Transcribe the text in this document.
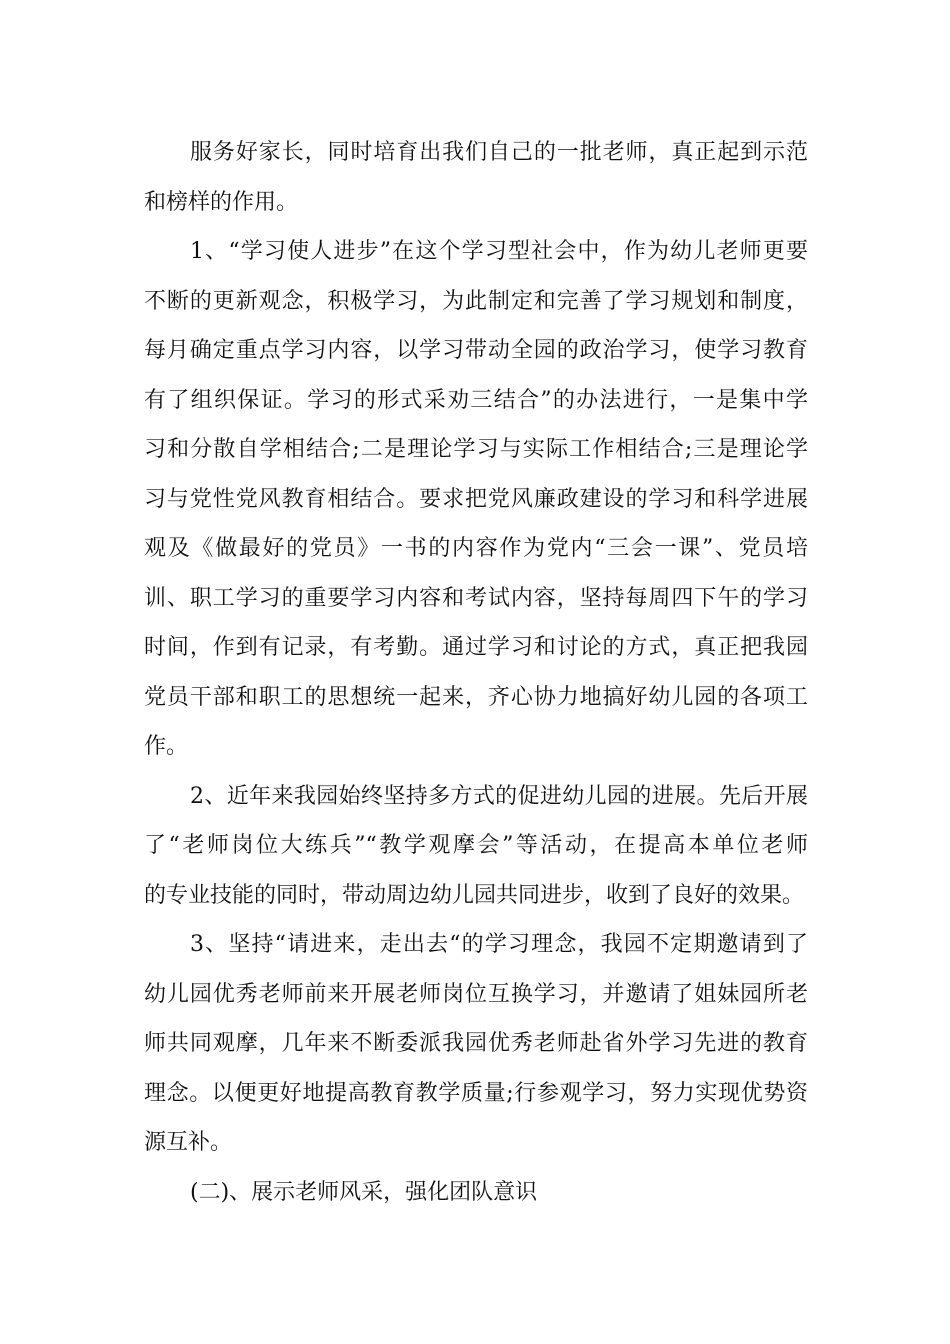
服务好家长，同时培育出我们自己的一批老师，真正起到示范
和榜样的作用。
1、“学习使人进步”在这个学习型社会中，作为幼儿老师更要
不断的更新观念，积极学习，为此制定和完善了学习规划和制度，
每月确定重点学习内容，以学习带动全园的政治学习，使学习教育
有了组织保证。学习的形式采劝三结合”的办法进行，一是集中学
习和分散自学相结合;二是理论学习与实际工作相结合;三是理论学
习与党性党风教育相结合。要求把党风廉政建设的学习和科学进展
观及《做最好的党员》一书的内容作为党内“三会一课”、党员培
训、职工学习的重要学习内容和考试内容，坚持每周四下午的学习
时间，作到有记录，有考勤。通过学习和讨论的方式，真正把我园
党员干部和职工的思想统一起来，齐心协力地搞好幼儿园的各项工
作。
2、近年来我园始终坚持多方式的促进幼儿园的进展。先后开展
了“老师岗位大练兵”“教学观摩会”等活动，在提高本单位老师
的专业技能的同时，带动周边幼儿园共同进步，收到了良好的效果。
3、坚持“请进来，走出去“的学习理念，我园不定期邀请到了
幼儿园优秀老师前来开展老师岗位互换学习，并邀请了姐妹园所老
师共同观摩，几年来不断委派我园优秀老师赴省外学习先进的教育
理念。以便更好地提高教育教学质量;行参观学习，努力实现优势资
源互补。
(二)、展示老师风采，强化团队意识
